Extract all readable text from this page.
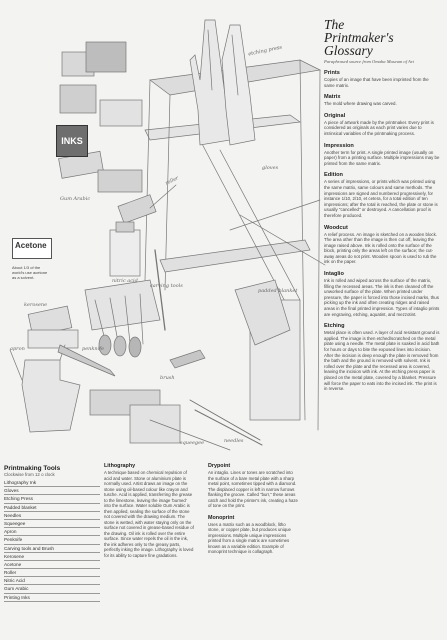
etching press
gloves
roller
padded blanket
kerosene
carving tools
brush
nitric acid
Gum Arabic
apron	penknife
needles
squeegee
INKS
Acetone
About 1/3 of the world's use acetone as a solvent.
The
Printmaker's
Glossary
Paraphrased source from Omaha Museum of Art
Prints
Copies of an image that have been imprinted from the same matrix.
Matrix
The mold where drawing was carved.
Original
A piece of artwork made by the printmaker. Every print is considered as originals as each print varies due to intrinsical variables of the printmaking process.
Impression
Another term for print. A single printed image (usually on paper) from a printing surface. Multiple impressions may be printed from the same matrix.
Edition
A series of impressions, or prints which was printed using the same matrix, same colours and same methods. The impressions are signed and numbered progressively, for instance 1/10, 2/10, et cetera, for a total edition of ten impressions; after the total is reached, the plate or stone is usually "cancelled" or destroyed. A cancellation proof is therefore produced.
Woodcut
A relief process. An image is sketched on a wooden block. The area other than the image is then cut off, leaving the image raised above. Ink is rolled onto the surface of the block, printing only the areas left on the surface; the cut-away areas do not print. Wooden spoon is used to rub the ink on the paper.
Intaglio
Ink is rolled and wiped across the surface of the matrix, filling the recessed areas. The ink is then cleaned off the unworked surface of the plate. When printed under pressure, the paper is forced into those incised marks, thus picking up the ink and often creating ridges and raised areas in the final printed impression. Types of intaglio prints are engraving, etching, aquatint, and mezzotint.
Etching
Metal place is often used. A layer of acid resistant ground is applied. The image is then etched/scratched on the metal plate using a needle. The metal plate is soaked in acid bath for hours or days to bite the exposed lines into incision. After the incision is deep enough the plate is removed from the bath and the ground is removed with solvent. Ink is rolled over the plate and the recessed area is covered, leaving the incision with ink. At the etching press paper is placed on the metal plate, covered by a blanket. Pressure will force the paper to eats into the incised ink. The print is in reverse.
Printmaking Tools
Clockwise from 12 o clock
Lithography Ink
Gloves
Etching Press
Padded blanket
Needles
Squeegee
Apron
Penknife
Carving tools and Brush
Kerosene
Acetone
Roller
Nitric Acid
Gum Arabic
Printing Inks
Lithography
A technique based on chemical repulsion of acid and water. Stone or aluminium plate is normally used. Artist draws an image on the stone using oil-based colour like crayon and tusche. Acid is applied, transferring the grease to the limestone, leaving the image 'burned' into the surface. Water soluble Gum Arabic is then applied, sealing the surface of the stone not covered with the drawing medium. The stone is wetted, with water staying only on the surface not covered in grease-based residue of the drawing. Oil ink is rolled over the entire surface. Since water repels the oil in the ink, the ink adheres only to the greasy parts, perfectly inking the image. Lithography is loved for its ability to capture fine gradations.
Drypoint
An intaglio. Lines or tones are scratched into the surface of a bare metal plate with a sharp metal point, sometimes tipped with a diamond. The displaced copper is left in narrow furrows flanking the groove. Called "burr," these areas catch and hold the printer's ink, creating a haze of tone on the print.
Monoprint
Uses a matrix such as a woodblock, litho stone, or copper plate, but produces unique impressions. Multiple unique impressions printed from a single matrix are sometimes known as a variable edition. Example of monoprint technique is collagraph.
